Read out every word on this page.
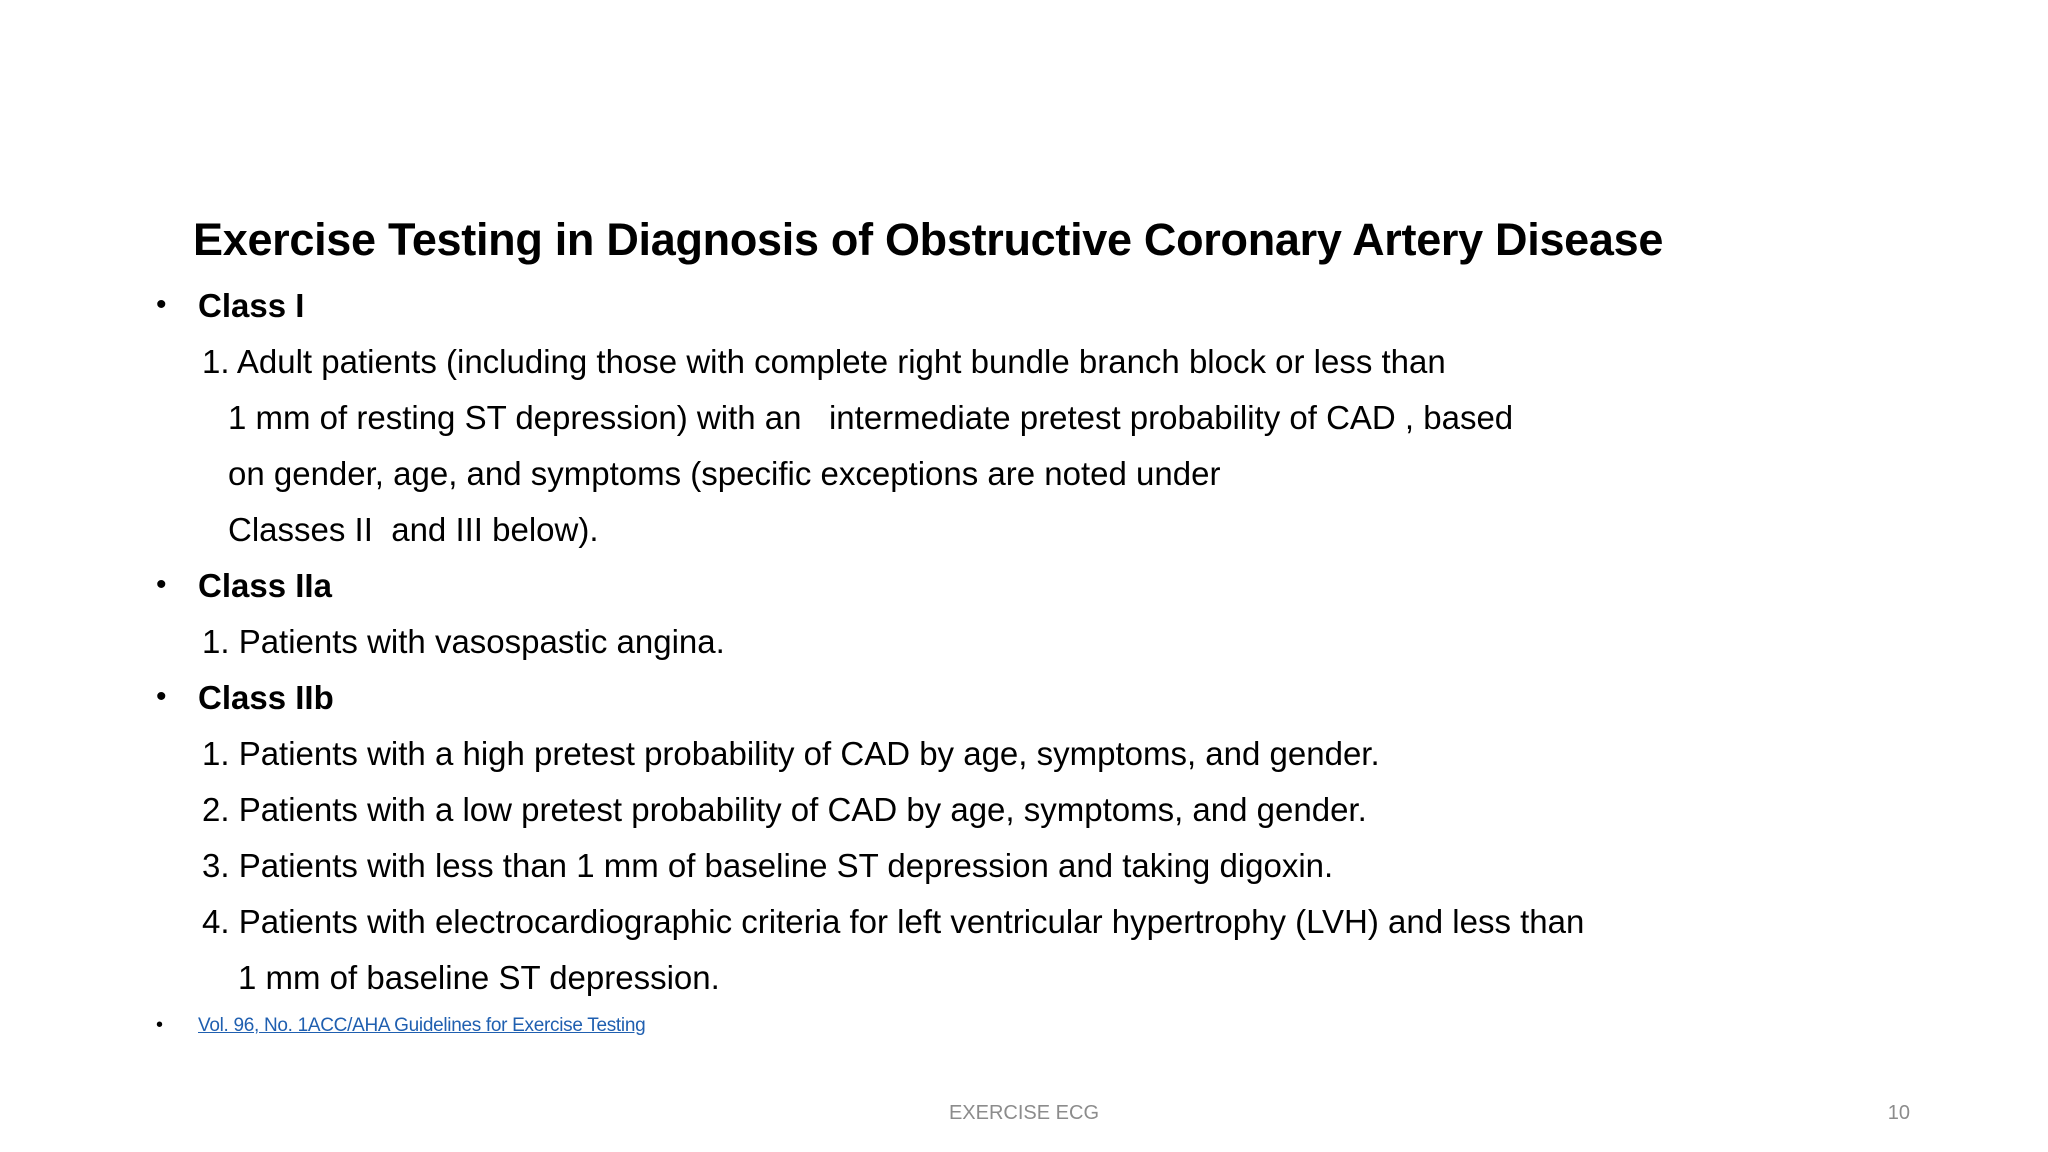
Exercise Testing in Diagnosis of Obstructive Coronary Artery Disease
• Class I
1. Adult patients (including those with complete right bundle branch block or less than
1 mm of resting ST depression) with an   intermediate pretest probability of CAD , based
on gender, age, and symptoms (specific exceptions are noted under
Classes II  and III below).
• Class IIa
1. Patients with vasospastic angina.
• Class IIb
1. Patients with a high pretest probability of CAD by age, symptoms, and gender.
2. Patients with a low pretest probability of CAD by age, symptoms, and gender.
3. Patients with less than 1 mm of baseline ST depression and taking digoxin.
4. Patients with electrocardiographic criteria for left ventricular hypertrophy (LVH) and less than
1 mm of baseline ST depression.
• Vol. 96, No. 1ACC/AHA Guidelines for Exercise Testing
EXERCISE ECG	10
